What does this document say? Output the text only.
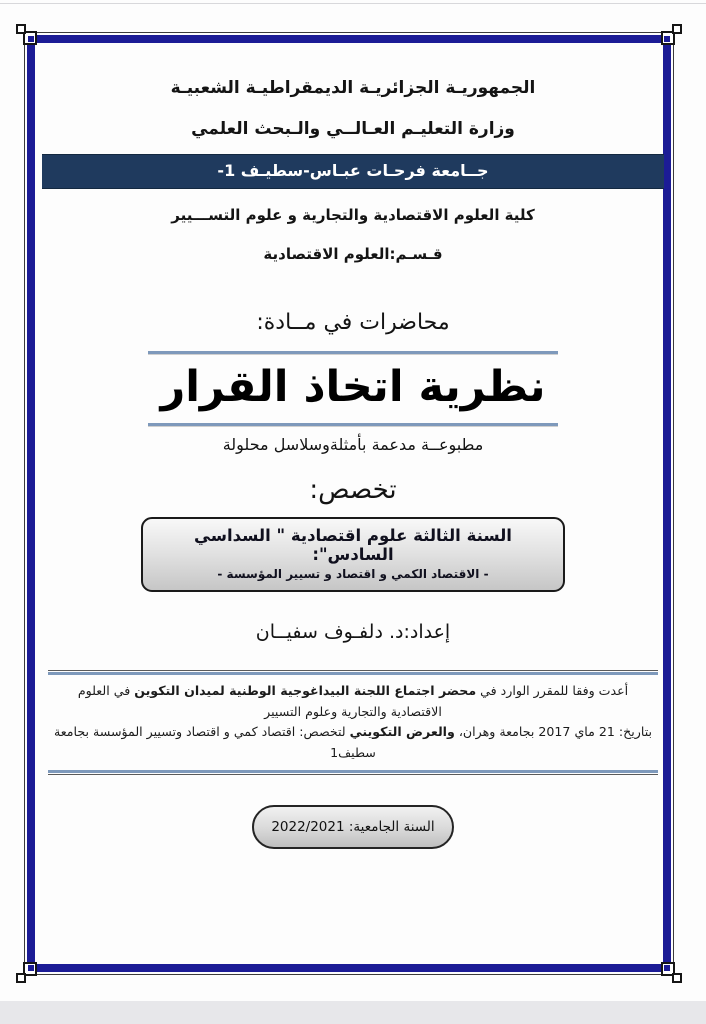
الجمهوريـة الجزائريـة الديمقراطيـة الشعبيـة
وزارة التعليـم العـالــي والـبحث العلمي
جــامعة فرحـات عبـاس-سطيـف 1-
كلية العلوم الاقتصادية والتجارية و علوم التســـيير
قـسـم:العلوم الاقتصادية
محاضرات في مــادة:
نظرية اتخاذ القرار
مطبوعــة مدعمة بأمثلةوسلاسل محلولة
تخصص:
السنة الثالثة علوم اقتصادية " السداسي السادس":
- الاقتصاد الكمي و اقتصاد و تسيير المؤسسة -
إعداد:د. دلفـوف سفيــان
أعدت وفقا للمقرر الوارد في محضر اجتماع اللجنة البيداغوجية الوطنية لميدان التكوين في العلوم الاقتصادية والتجارية وعلوم التسيير
بتاريخ: 21 ماي 2017 بجامعة وهران، والعرض التكويني لتخصص: اقتصاد كمي و اقتصاد وتسيير المؤسسة بجامعة سطيف1
السنة الجامعية: 2022/2021
